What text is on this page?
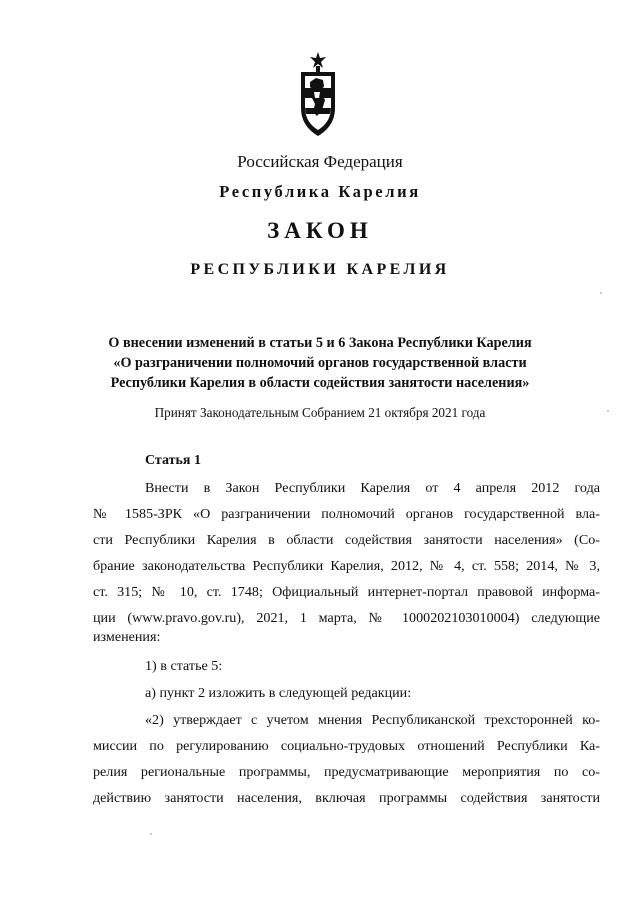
Российская Федерация
Республика Карелия
ЗАКОН
РЕСПУБЛИКИ КАРЕЛИЯ
О внесении изменений в статьи 5 и 6 Закона Республики Карелия
«О разграничении полномочий органов государственной власти
Республики Карелия в области содействия занятости населения»
Принят Законодательным Собранием 21 октября 2021 года
Статья 1
Внести в Закон Республики Карелия от 4 апреля 2012 года
№ 1585-ЗРК «О разграничении полномочий органов государственной вла-
сти Республики Карелия в области содействия занятости населения» (Со-
брание законодательства Республики Карелия, 2012, № 4, ст. 558; 2014, № 3,
ст. 315; № 10, ст. 1748; Официальный интернет-портал правовой информа-
ции (www.pravo.gov.ru), 2021, 1 марта, № 1000202103010004) следующие
изменения:
1) в статье 5:
а) пункт 2 изложить в следующей редакции:
«2) утверждает с учетом мнения Республиканской трехсторонней ко-
миссии по регулированию социально-трудовых отношений Республики Ка-
релия региональные программы, предусматривающие мероприятия по со-
действию занятости населения, включая программы содействия занятости
